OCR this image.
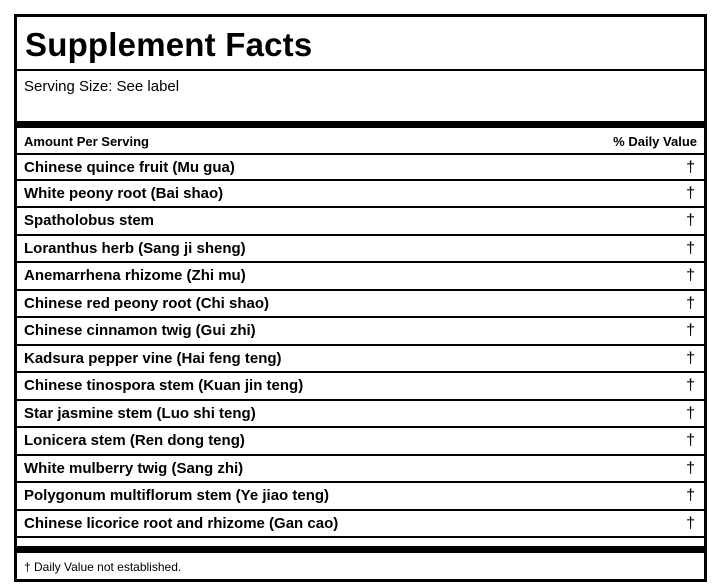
Supplement Facts
Serving Size: See label
Amount Per Serving	% Daily Value
Chinese quince fruit (Mu gua)	†
White peony root (Bai shao)	†
Spatholobus stem	†
Loranthus herb (Sang ji sheng)	†
Anemarrhena rhizome (Zhi mu)	†
Chinese red peony root (Chi shao)	†
Chinese cinnamon twig (Gui zhi)	†
Kadsura pepper vine (Hai feng teng)	†
Chinese tinospora stem (Kuan jin teng)	†
Star jasmine stem (Luo shi teng)	†
Lonicera stem (Ren dong teng)	†
White mulberry twig (Sang zhi)	†
Polygonum multiflorum stem (Ye jiao teng)	†
Chinese licorice root and rhizome (Gan cao)	†
† Daily Value not established.
